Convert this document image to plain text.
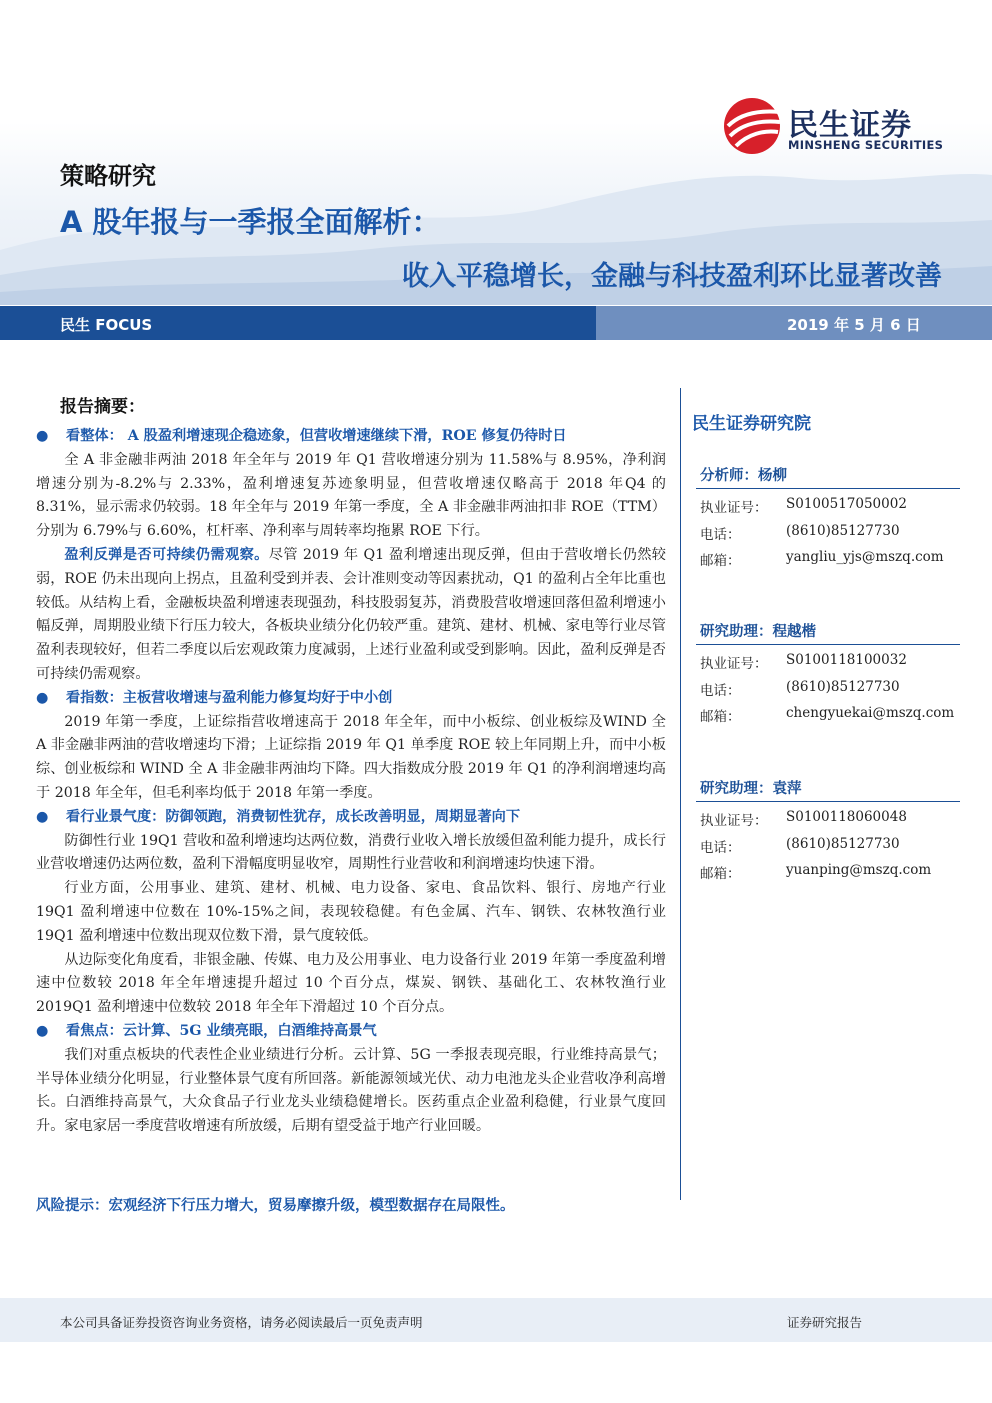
民生证券
MINSHENG SECURITIES
策略研究
A 股年报与一季报全面解析：
收入平稳增长，金融与科技盈利环比显著改善
民生 FOCUS	2019 年 5 月 6 日
报告摘要：
● 看整体： A 股盈利增速现企稳迹象，但营收增速继续下滑，ROE 修复仍待时日
全 A 非金融非两油 2018 年全年与 2019 年 Q1 营收增速分别为 11.58%与 8.95%，净利润增速分别为-8.2%与 2.33%，盈利增速复苏迹象明显，但营收增速仅略高于 2018 年Q4 的 8.31%，显示需求仍较弱。18 年全年与 2019 年第一季度，全 A 非金融非两油扣非 ROE（TTM）分别为 6.79%与 6.60%，杠杆率、净利率与周转率均拖累 ROE 下行。
盈利反弹是否可持续仍需观察。尽管 2019 年 Q1 盈利增速出现反弹，但由于营收增长仍然较弱，ROE 仍未出现向上拐点，且盈利受到并表、会计准则变动等因素扰动，Q1 的盈利占全年比重也较低。从结构上看，金融板块盈利增速表现强劲，科技股弱复苏，消费股营收增速回落但盈利增速小幅反弹，周期股业绩下行压力较大，各板块业绩分化仍较严重。建筑、建材、机械、家电等行业尽管盈利表现较好，但若二季度以后宏观政策力度减弱，上述行业盈利或受到影响。因此，盈利反弹是否可持续仍需观察。
● 看指数：主板营收增速与盈利能力修复均好于中小创
2019 年第一季度，上证综指营收增速高于 2018 年全年，而中小板综、创业板综及WIND 全 A 非金融非两油的营收增速均下滑；上证综指 2019 年 Q1 单季度 ROE 较上年同期上升，而中小板综、创业板综和 WIND 全 A 非金融非两油均下降。四大指数成分股 2019 年 Q1 的净利润增速均高于 2018 年全年，但毛利率均低于 2018 年第一季度。
● 看行业景气度：防御领跑，消费韧性犹存，成长改善明显，周期显著向下
防御性行业 19Q1 营收和盈利增速均达两位数，消费行业收入增长放缓但盈利能力提升，成长行业营收增速仍达两位数，盈利下滑幅度明显收窄，周期性行业营收和利润增速均快速下滑。
行业方面，公用事业、建筑、建材、机械、电力设备、家电、食品饮料、银行、房地产行业 19Q1 盈利增速中位数在 10%-15%之间，表现较稳健。有色金属、汽车、钢铁、农林牧渔行业 19Q1 盈利增速中位数出现双位数下滑，景气度较低。
从边际变化角度看，非银金融、传媒、电力及公用事业、电力设备行业 2019 年第一季度盈利增速中位数较 2018 年全年增速提升超过 10 个百分点，煤炭、钢铁、基础化工、农林牧渔行业 2019Q1 盈利增速中位数较 2018 年全年下滑超过 10 个百分点。
● 看焦点：云计算、5G 业绩亮眼，白酒维持高景气
我们对重点板块的代表性企业业绩进行分析。云计算、5G 一季报表现亮眼，行业维持高景气；半导体业绩分化明显，行业整体景气度有所回落。新能源领域光伏、动力电池龙头企业营收净利高增长。白酒维持高景气，大众食品子行业龙头业绩稳健增长。医药重点企业盈利稳健，行业景气度回升。家电家居一季度营收增速有所放缓，后期有望受益于地产行业回暖。
风险提示：宏观经济下行压力增大，贸易摩擦升级，模型数据存在局限性。
民生证券研究院
分析师：杨柳
执业证号： S0100517050002
电话：	(8610)85127730
邮箱：	yangliu_yjs@mszq.com
研究助理：程越楷
执业证号： S0100118100032
电话：	(8610)85127730
邮箱：	chengyuekai@mszq.com
研究助理：袁萍
执业证号： S0100118060048
电话：	(8610)85127730
邮箱：	yuanping@mszq.com
本公司具备证券投资咨询业务资格，请务必阅读最后一页免责声明	证券研究报告
